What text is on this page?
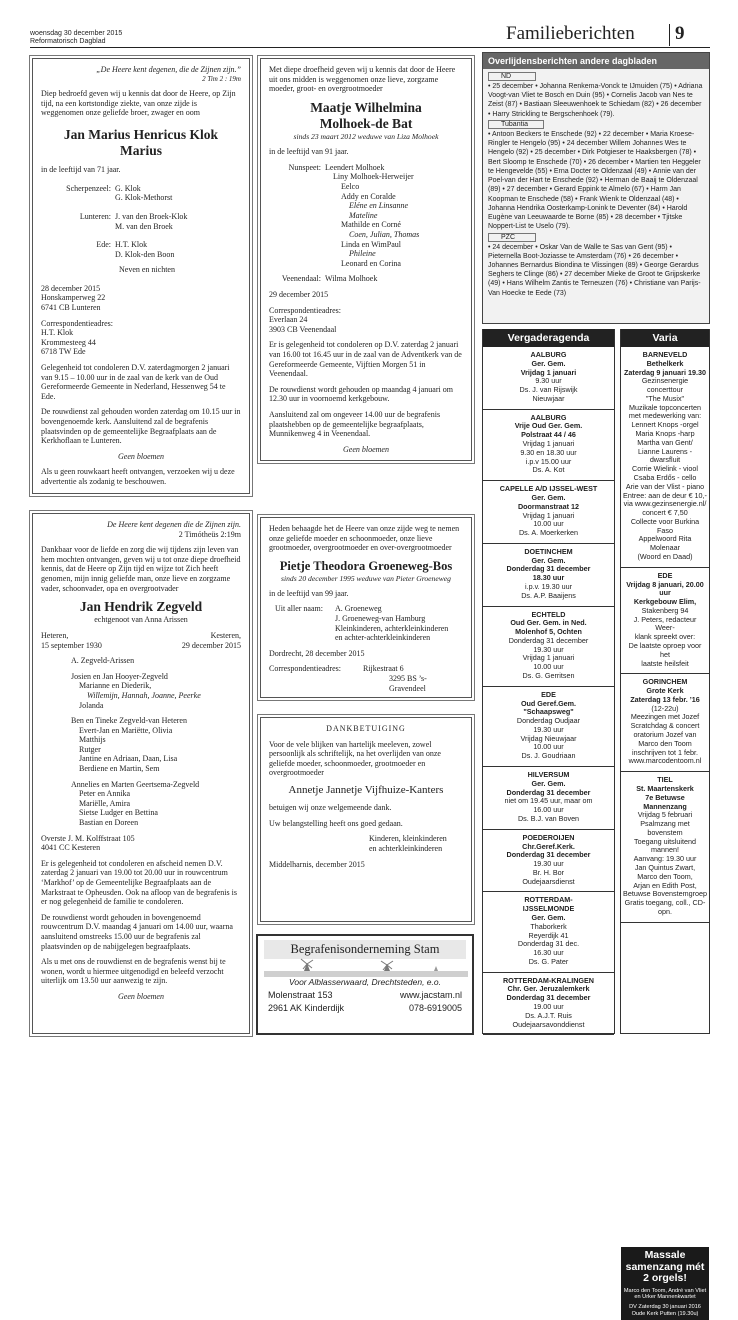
woensdag 30 december 2015
Reformatorisch Dagblad	Familieberichten 9

„De Heere kent degenen, die de Zijnen zijn.”

2 Tim 2 : 19m

Diep bedroefd geven wij u kennis dat door de Heere, op Zijn tijd, na een kortstondige ziekte, van onze zijde is weggenomen onze geliefde broer, zwager en oom

Jan Marius Henricus Klok
Marius

in de leeftijd van 71 jaar.

Scherpenzeel: G. Klok
G. Klok-Methorst
Lunteren: J. van den Broek-Klok
M. van den Broek
Ede: H.T. Klok
D. Klok-den Boon

Neven en nichten

28 december 2015
Honskamperweg 22
6741 CB Lunteren
Correspondentieadres:
H.T. Klok
Krommesteeg 44
6718 TW Ede

Gelegenheid tot condoleren D.V. zaterdagmorgen 2 januari van 9.15 – 10.00 uur in de zaal van de kerk van de Oud Gereformeerde Gemeente in Nederland, Hessenweg 54 te Ede.

De rouwdienst zal gehouden worden zaterdag om 10.15 uur in bovengenoemde kerk. Aansluitend zal de begrafenis plaatsvinden op de gemeentelijke Begraafplaats aan de Kerkhoflaan te Lunteren.

Geen bloemen

Als u geen rouwkaart heeft ontvangen, verzoeken wij u deze advertentie als zodanig te beschouwen.

Met diepe droefheid geven wij u kennis dat door de Heere uit ons midden is weggenomen onze lieve, zorgzame moeder, groot- en overgrootmoeder

Maatje Wilhelmina
Molhoek-de Bat

sinds 23 maart 2012 weduwe van Liza Molhoek

in de leeftijd van 91 jaar.

Nunspeet: Leendert Molhoek
Liny Molhoek-Herweijer
Eelco
Addy en Coralde
Eléne en Linsanne
Mateline
Mathilde en Corné
Coen, Julian, Thomas
Linda en WimPaul
Phileine
Leonard en Corina
Veenendaal: Wilma Molhoek

29 december 2015

Correspondentieadres:
Everlaan 24
3903 CB Veenendaal

Er is gelegenheid tot condoleren op D.V. zaterdag 2 januari van 16.00 tot 16.45 uur in de zaal van de Adventkerk van de Gereformeerde Gemeente, Vijftien Morgen 51 in Veenendaal.

De rouwdienst wordt gehouden op maandag 4 januari om 12.30 uur in voornoemd kerkgebouw.

Aansluitend zal om ongeveer 14.00 uur de begrafenis plaatshebben op de gemeentelijke begraafplaats, Munnikenweg 4 in Veenendaal.

Geen bloemen

Overlijdensberichten andere dagbladen
ND

• 25 december • Johanna Renkema-Vonck te IJmuiden (75) • Adriana Voogt-van Vliet te Bosch en Duin (95) • Cornelis Jacob van Nes te Zeist (87) • Bastiaan Sleeuwenhoek te Schiedam (82) • 26 december • Harry Strickling te Bergschenhoek (79).

Tubantia

• Antoon Beckers te Enschede (92) • 22 december • Maria Kroese-Ringler te Hengelo (95) • 24 december Willem Johannes Wes te Hengelo (92) • 25 december • Dirk Potgieser te Haaksbergen (78) • Bert Sloomp te Enschede (70) • 26 december • Martien ten Heggeler te Hengevelde (55) • Erna Docter te Oldenzaal (49) • Annie van der Poel-van der Hart te Enschede (92) • Herman de Baaij te Oldenzaal (89) • 27 december • Gerard Eppink te Almelo (67) • Harm Jan Koopman te Enschede (58) • Frank Wienk te Oldenzaal (48) • Johanna Hendrika Oosterkamp-Lonink te Deventer (84) • Harold Eugène van Leeuwaarde te Borne (85) • 28 december • Tjitske Noppert-List te Uselo (79).

PZC

• 24 december • Oskar Van de Walle te Sas van Gent (95) • Pieternella Boot-Joziasse te Amsterdam (76) • 26 december • Johannes Bernardus Biondina te Vlissingen (89) • George Gerardus Seghers te Clinge (86) • 27 december Mieke de Groot te Grijpskerke (49) • Hans Wilhelm Zantis te Terneuzen (76) • Christiane van Parijs-Van Hoecke te Eede (73)

De Heere kent degenen die de Zijnen zijn.

2 Timótheüs 2:19m

Dankbaar voor de liefde en zorg die wij tijdens zijn leven van hem mochten ontvangen, geven wij u tot onze diepe droefheid kennis, dat de Heere op Zijn tijd en wijze tot Zich heeft genomen, mijn innig geliefde man, onze lieve en zorgzame vader, schoonvader, opa en overgrootvader

Jan Hendrik Zegveld

echtgenoot van Anna Arissen

Heteren,
15 september 1930
Kesteren,
29 december 2015
A. Zegveld-Arissen
Josien en Jan Hooyer-Zegveld
Marianne en Diederik,
Willemijn, Hannah, Joanne, Peerke
Jolanda
Ben en Tineke Zegveld-van Heteren
Evert-Jan en Mariëtte, Olivia
Matthijs
Rutger
Jantine en Adriaan, Daan, Lisa
Berdiene en Martin, Sem
Annelies en Marten Geertsema-Zegveld
Peter en Annika
Mariëlle, Amira
Sietse Ludger en Bettina
Bastian en Doreen
Overste J. M. Kolffstraat 105
4041 CC Kesteren

Er is gelegenheid tot condoleren en afscheid nemen D.V. zaterdag 2 januari van 19.00 tot 20.00 uur in rouwcentrum ‘Markhof’ op de Gemeentelijke Begraafplaats aan de Markstraat te Opheusden. Ook na afloop van de begrafenis is er nog gelegenheid de familie te condoleren.

De rouwdienst wordt gehouden in bovengenoemd rouwcentrum D.V. maandag 4 januari om 14.00 uur, waarna aansluitend omstreeks 15.00 uur de begrafenis zal plaatsvinden op de nabijgelegen begraafplaats.

Als u met ons de rouwdienst en de begrafenis wenst bij te wonen, wordt u hiermee uitgenodigd en beleefd verzocht uiterlijk om 13.50 uur aanwezig te zijn.

Geen bloemen

Heden behaagde het de Heere van onze zijde weg te nemen onze geliefde moeder en schoonmoeder, onze lieve grootmoeder, overgrootmoeder en over-overgrootmoeder

Pietje Theodora Groeneweg-Bos

sinds 20 december 1995 weduwe van Pieter Groeneweg

in de leeftijd van 99 jaar.

Uit aller naam:	A. Groeneweg
J. Groeneweg-van Hamburg
Kleinkinderen, achterkleinkinderen
en achter-achterkleinkinderen

Dordrecht, 28 december 2015

Correspondentieadres:	Rijkestraat 6
3295 BS ’s-Gravendeel

DANKBETUIGING

Voor de vele blijken van hartelijk meeleven, zowel persoonlijk als schriftelijk, na het overlijden van onze geliefde moeder, schoonmoeder, grootmoeder en overgrootmoeder

Annetje Jannetje Vijfhuize-Kanters

betuigen wij onze welgemeende dank.

Uw belangstelling heeft ons goed gedaan.

Kinderen, kleinkinderen
en achterkleinkinderen

Middelharnis, december 2015

Begrafenisonderneming Stam
Voor Alblasserwaard, Drechtsteden, e.o.
Molenstraat 153	www.jacstam.nl
2961 AK Kinderdijk	078-6919005
Vergaderagenda
AALBURG
Ger. Gem.
Vrijdag 1 januari
9.30 uur
Ds. J. van Rijswijk
Nieuwjaar
AALBURG
Vrije Oud Ger. Gem.
Polstraat 44 / 46
Vrijdag 1 januari
9.30 en 18.30 uur
i.p.v 15.00 uur
Ds. A. Kot
CAPELLE A/D IJSSEL-WEST
Ger. Gem.
Doormanstraat 12
Vrijdag 1 januari
10.00 uur
Ds. A. Moerkerken
DOETINCHEM
Ger. Gem.
Donderdag 31 december
18.30 uur
i.p.v. 19.30 uur
Ds. A.P. Baaijens
ECHTELD
Oud Ger. Gem. in Ned.
Molenhof 5, Ochten
Donderdag 31 december
19.30 uur
Vrijdag 1 januari
10.00 uur
Ds. G. Gerritsen
EDE
Oud Geref.Gem.
"Schaapsweg"
Donderdag Oudjaar
19.30 uur
Vrijdag Nieuwjaar
10.00 uur
Ds. J. Goudriaan
HILVERSUM
Ger. Gem.
Donderdag 31 december
niet om 19.45 uur, maar om
16.00 uur
Ds. B.J. van Boven
POEDEROIJEN
Chr.Geref.Kerk.
Donderdag 31 december
19.30 uur
Br. H. Bor
Oudejaarsdienst
ROTTERDAM-
IJSSELMONDE
Ger. Gem.
Thaborkerk
Reyerdijk 41
Donderdag 31 dec.
16.30 uur
Ds. G. Pater
ROTTERDAM-KRALINGEN
Chr. Ger. Jeruzalemkerk
Donderdag 31 december
19.00 uur
Ds. A.J.T. Ruis
Oudejaarsavonddienst
Varia
BARNEVELD
Bethelkerk
Zaterdag 9 januari 19.30
Gezinsenergie concerttour
"The Musix"
Muzikale topconcerten
met medewerking van:
Lennert Knops -orgel
Maria Knops -harp
Martha van Gent/
Lianne Laurens -dwarsfluit
Corrie Wielink - viool
Csaba Erdős - cello
Arie van der Vlist - piano
Entree: aan de deur € 10,-
via www.gezinsenergie.nl/
concert € 7,50
Collecte voor Burkina Faso
Appelwoord Rita Molenaar
(Woord en Daad)
EDE
Vrijdag 8 januari, 20.00 uur
Kerkgebouw Elim,
Stakenberg 94
J. Peters, redacteur Weer-
klank spreekt over:
De laatste oproep voor het
laatste heilsfeit
GORINCHEM
Grote Kerk
Zaterdag 13 febr. ’16
(12-22u)
Meezingen met Jozef
Scratchdag & concert
oratorium Jozef van
Marco den Toom
inschrijven tot 1 febr.
www.marcodentoom.nl
TIEL
St. Maartenskerk
7e Betuwse Mannenzang
Vrijdag 5 februari
Psalmzang met bovenstem
Toegang uitsluitend mannen!
Aanvang: 19.30 uur
Jan Quintus Zwart,
Marco den Toom,
Arjan en Edith Post,
Betuwse Bovenstemgroep
Gratis toegang, coll., CD-opn.
Massale samenzang mét 2 orgels!
Marco den Toom, André van Vliet en Urker Mannenkwartet
DV Zaterdag 30 januari 2016 Oude Kerk Putten (19.30u)
